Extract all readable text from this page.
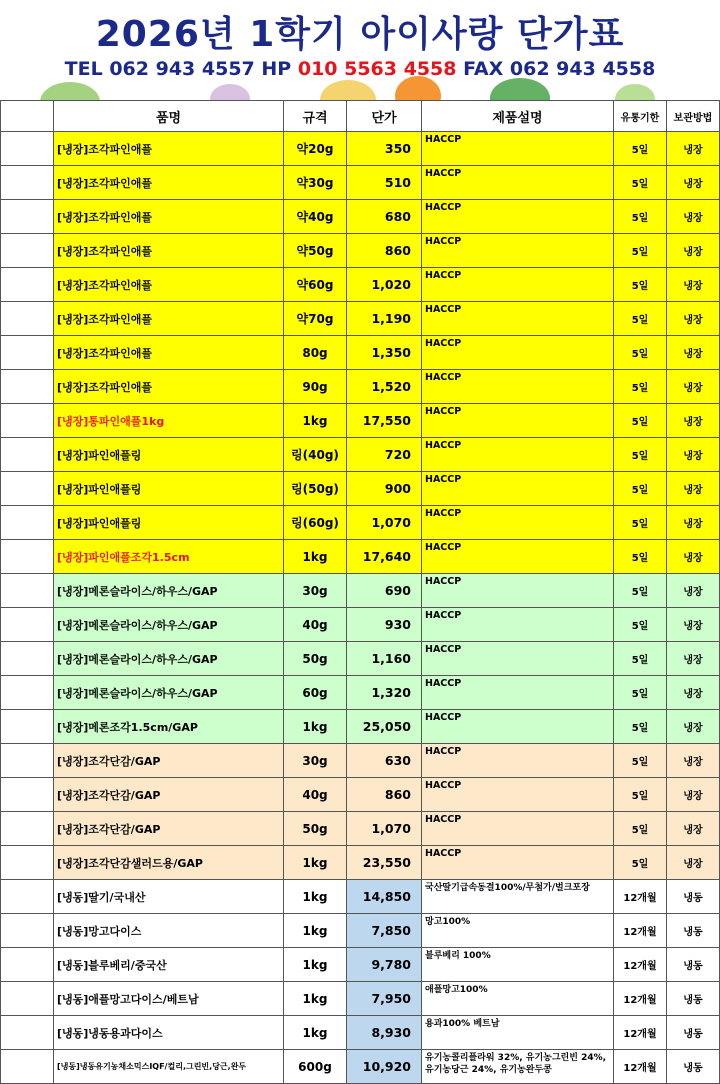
2026년 1학기 아이사랑 단가표
TEL 062 943 4557 HP 010 5563 4558 FAX 062 943 4558
	품명	규격	단가	제품설명	유통기한	보관방법
	[냉장]조각파인애플	약20g	350	HACCP	5일	냉장
	[냉장]조각파인애플	약30g	510	HACCP	5일	냉장
	[냉장]조각파인애플	약40g	680	HACCP	5일	냉장
	[냉장]조각파인애플	약50g	860	HACCP	5일	냉장
	[냉장]조각파인애플	약60g	1,020	HACCP	5일	냉장
	[냉장]조각파인애플	약70g	1,190	HACCP	5일	냉장
	[냉장]조각파인애플	80g	1,350	HACCP	5일	냉장
	[냉장]조각파인애플	90g	1,520	HACCP	5일	냉장
	[냉장]통파인애플1kg	1kg	17,550	HACCP	5일	냉장
	[냉장]파인애플링	링(40g)	720	HACCP	5일	냉장
	[냉장]파인애플링	링(50g)	900	HACCP	5일	냉장
	[냉장]파인애플링	링(60g)	1,070	HACCP	5일	냉장
	[냉장]파인애플조각1.5cm	1kg	17,640	HACCP	5일	냉장
	[냉장]메론슬라이스/하우스/GAP	30g	690	HACCP	5일	냉장
	[냉장]메론슬라이스/하우스/GAP	40g	930	HACCP	5일	냉장
	[냉장]메론슬라이스/하우스/GAP	50g	1,160	HACCP	5일	냉장
	[냉장]메론슬라이스/하우스/GAP	60g	1,320	HACCP	5일	냉장
	[냉장]메론조각1.5cm/GAP	1kg	25,050	HACCP	5일	냉장
	[냉장]조각단감/GAP	30g	630	HACCP	5일	냉장
	[냉장]조각단감/GAP	40g	860	HACCP	5일	냉장
	[냉장]조각단감/GAP	50g	1,070	HACCP	5일	냉장
	[냉장]조각단감샐러드용/GAP	1kg	23,550	HACCP	5일	냉장
	[냉동]딸기/국내산	1kg	14,850	국산딸기급속동결100%/무첨가/벌크포장	12개월	냉동
	[냉동]망고다이스	1kg	7,850	망고100%	12개월	냉동
	[냉동]블루베리/중국산	1kg	9,780	블루베리 100%	12개월	냉동
	[냉동]애플망고다이스/베트남	1kg	7,950	애플망고100%	12개월	냉동
	[냉동]냉동용과다이스	1kg	8,930	용과100% 베트남	12개월	냉동
	[냉동]냉동유기농채소믹스IQF/컬리,그린빈,당근,완두	600g	10,920	유기농콜리플라워 32%, 유기농그린빈 24%, 유기농당근 24%, 유기농완두콩	12개월	냉동
